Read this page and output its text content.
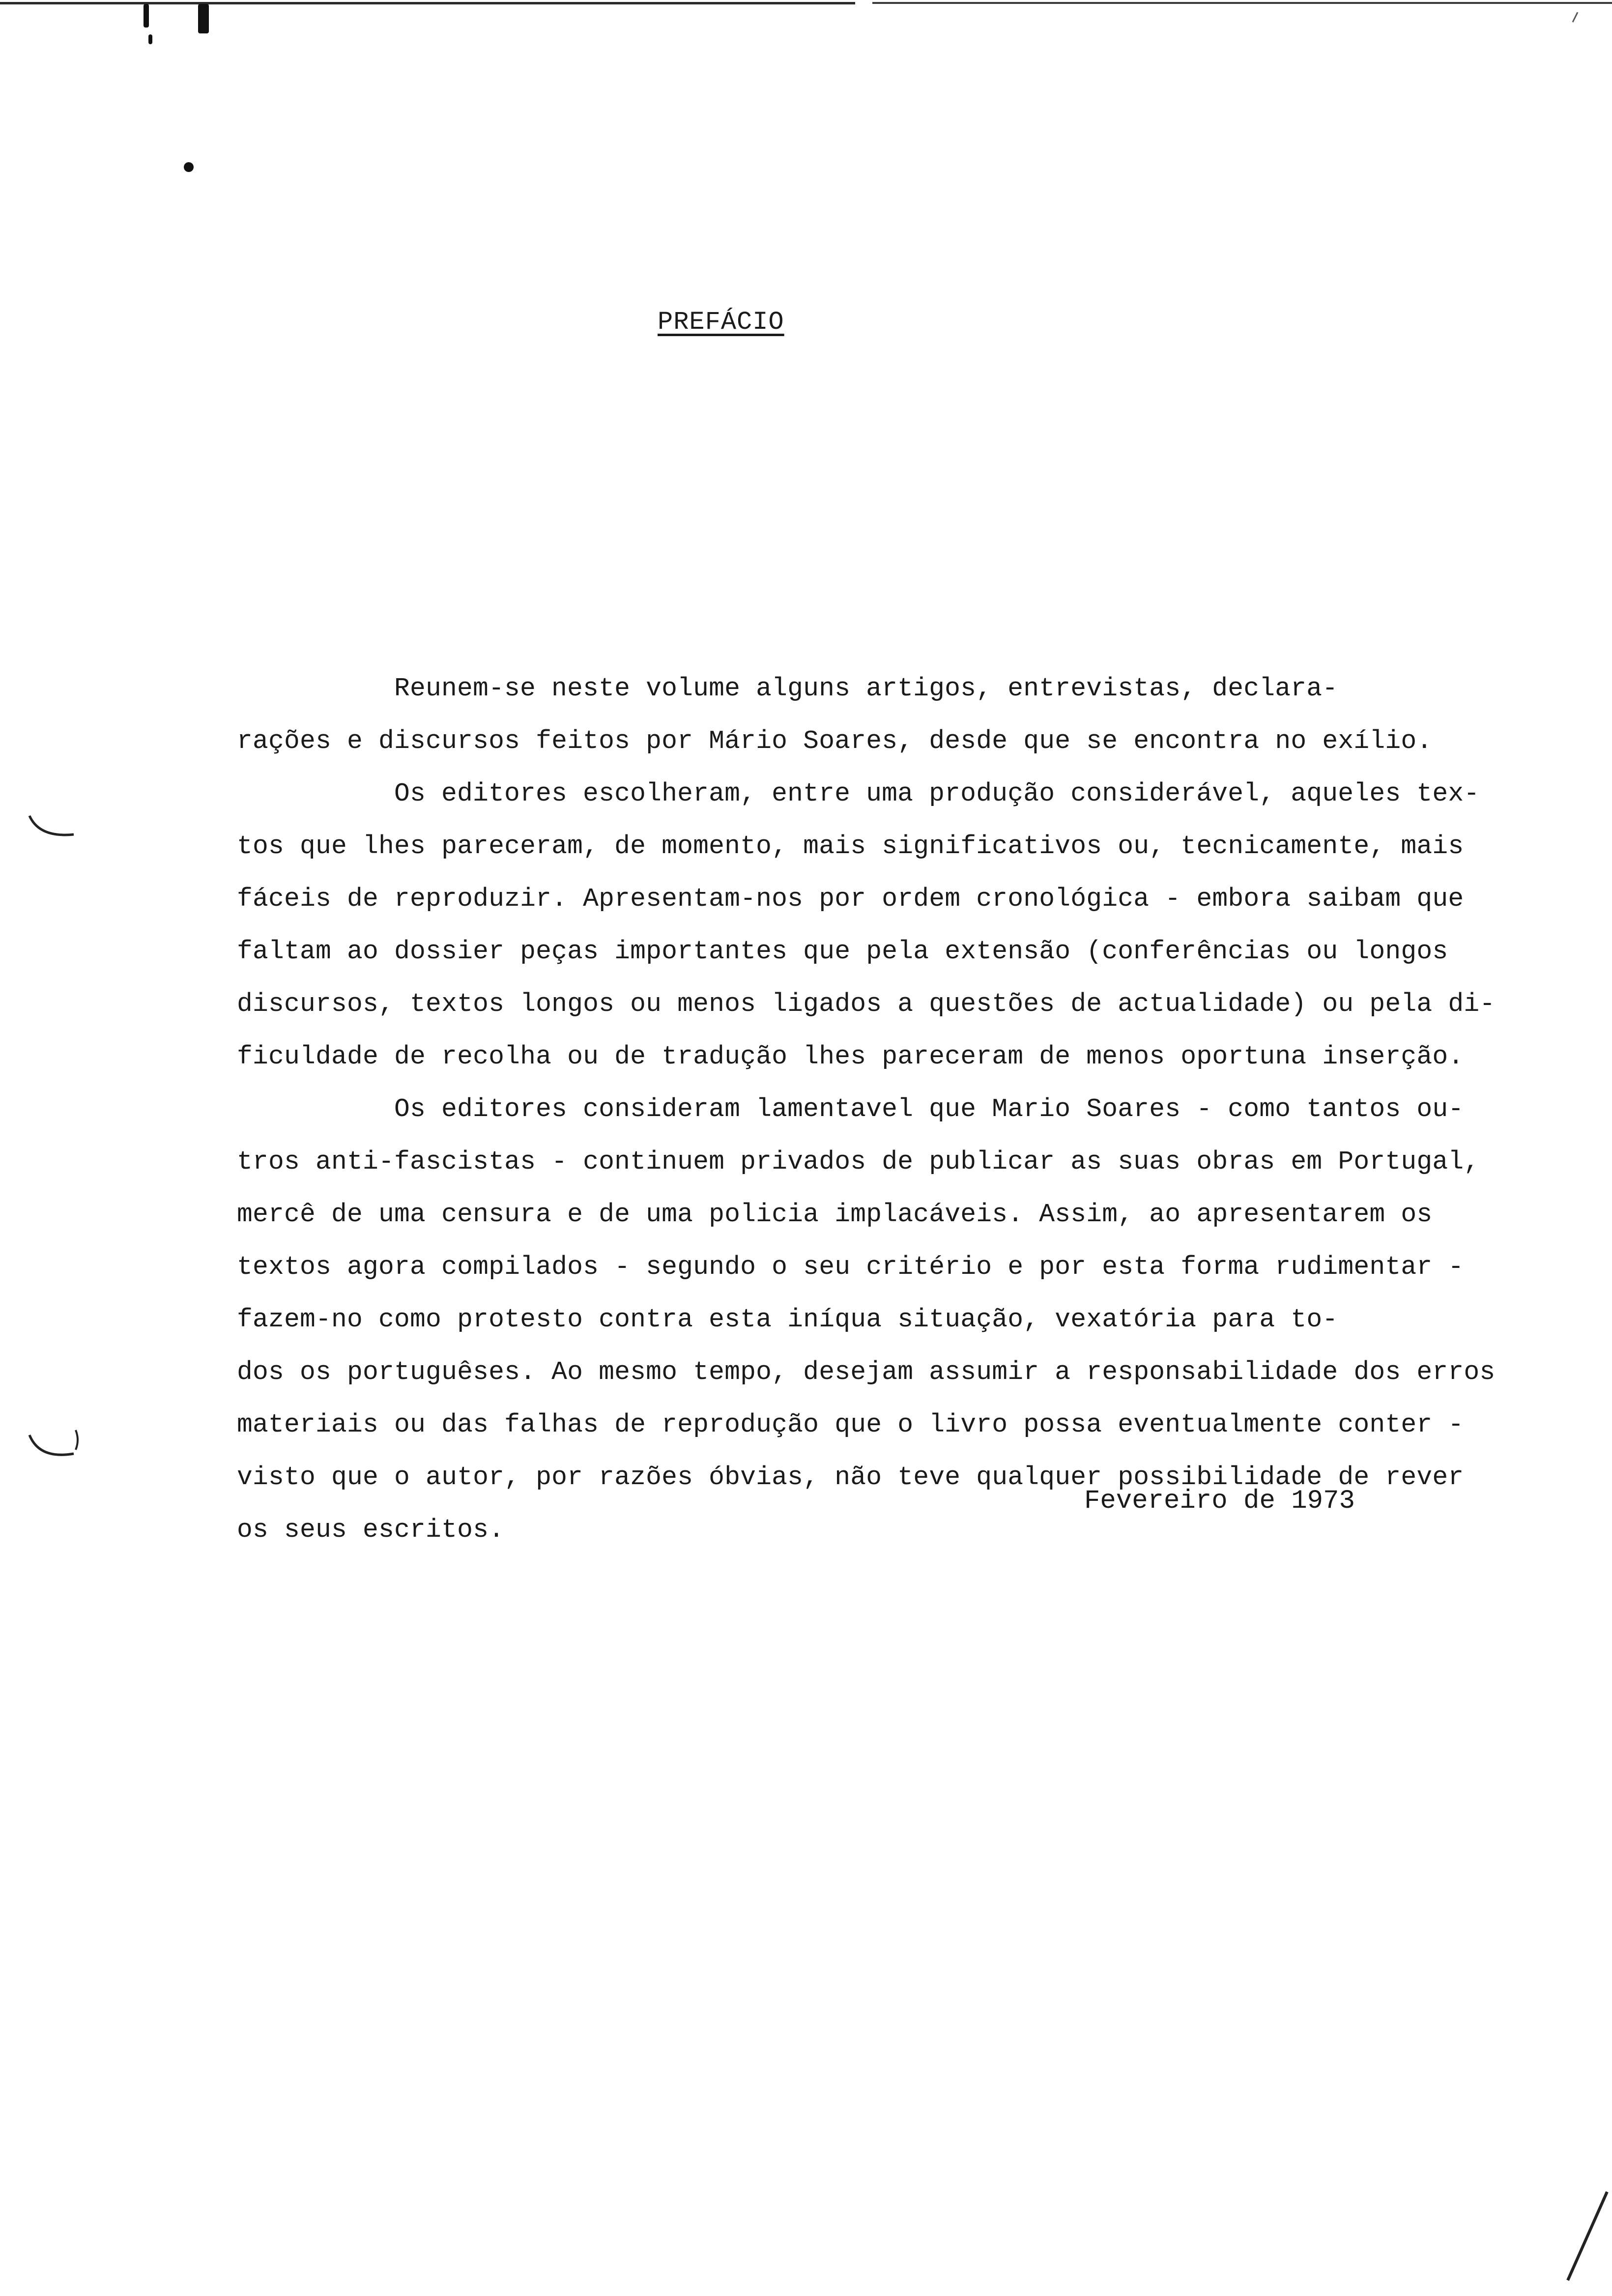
PREFÁCIO
Reunem-se neste volume alguns artigos, entrevistas, declara-
rações e discursos feitos por Mário Soares, desde que se encontra no exílio.
Os editores escolheram, entre uma produção considerável, aqueles tex-
tos que lhes pareceram, de momento, mais significativos ou, tecnicamente, mais
fáceis de reproduzir. Apresentam-nos por ordem cronológica - embora saibam que
faltam ao dossier peças importantes que pela extensão (conferências ou longos
discursos, textos longos ou menos ligados a questões de actualidade) ou pela di-
ficuldade de recolha ou de tradução lhes pareceram de menos oportuna inserção.
Os editores consideram lamentavel que Mario Soares - como tantos ou-
tros anti-fascistas - continuem privados de publicar as suas obras em Portugal,
mercê de uma censura e de uma policia implacáveis. Assim, ao apresentarem os
textos agora compilados - segundo o seu critério e por esta forma rudimentar -
fazem-no como protesto contra esta iníqua situação, vexatória para to-
dos os portuguêses. Ao mesmo tempo, desejam assumir a responsabilidade dos erros
materiais ou das falhas de reprodução que o livro possa eventualmente conter -
visto que o autor, por razões óbvias, não teve qualquer possibilidade de rever
os seus escritos.
Fevereiro de 1973
